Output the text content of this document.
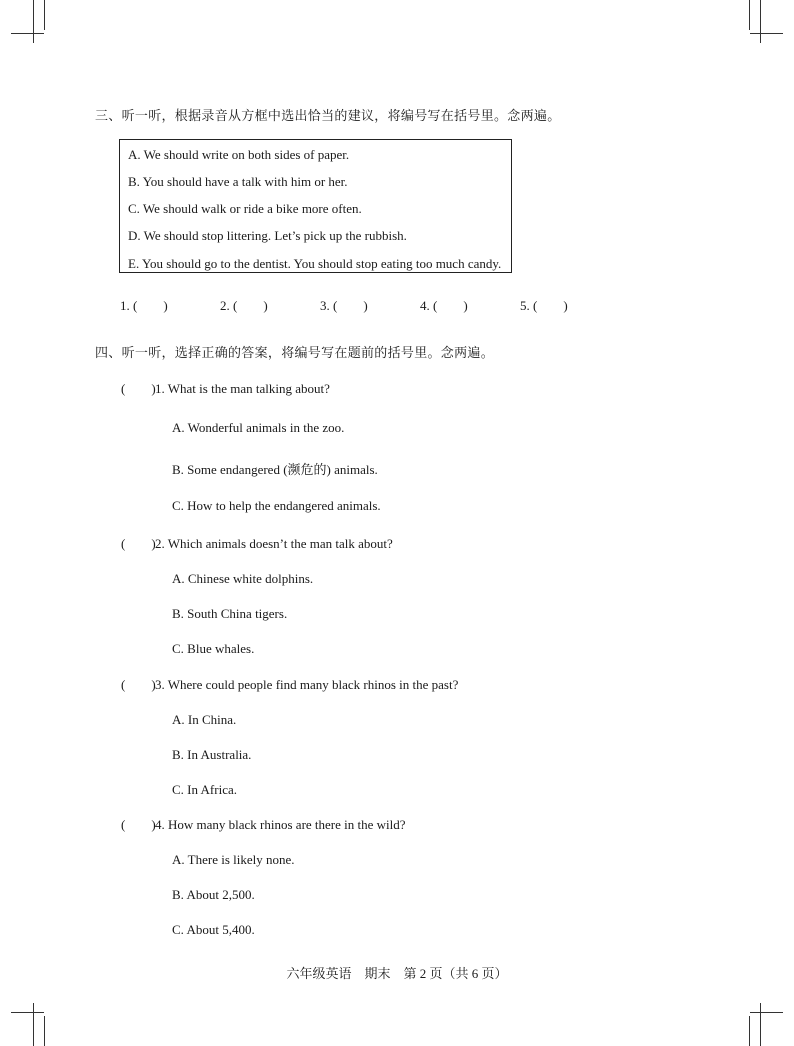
三、听一听，根据录音从方框中选出恰当的建议，将编号写在括号里。念两遍。
A. We should write on both sides of paper.
B. You should have a talk with him or her.
C. We should walk or ride a bike more often.
D. We should stop littering. Let’s pick up the rubbish.
E. You should go to the dentist. You should stop eating too much candy.
1. (        )	2. (        )	3. (        )	4. (        )	5. (        )
四、听一听，选择正确的答案，将编号写在题前的括号里。念两遍。
(        )1. What is the man talking about?
A. Wonderful animals in the zoo.
B. Some endangered (濒危的) animals.
C. How to help the endangered animals.
(        )2. Which animals doesn’t the man talk about?
A. Chinese white dolphins.
B. South China tigers.
C. Blue whales.
(        )3. Where could people find many black rhinos in the past?
A. In China.
B. In Australia.
C. In Africa.
(        )4. How many black rhinos are there in the wild?
A. There is likely none.
B. About 2,500.
C. About 5,400.
六年级英语　期末　第 2 页（共 6 页）
